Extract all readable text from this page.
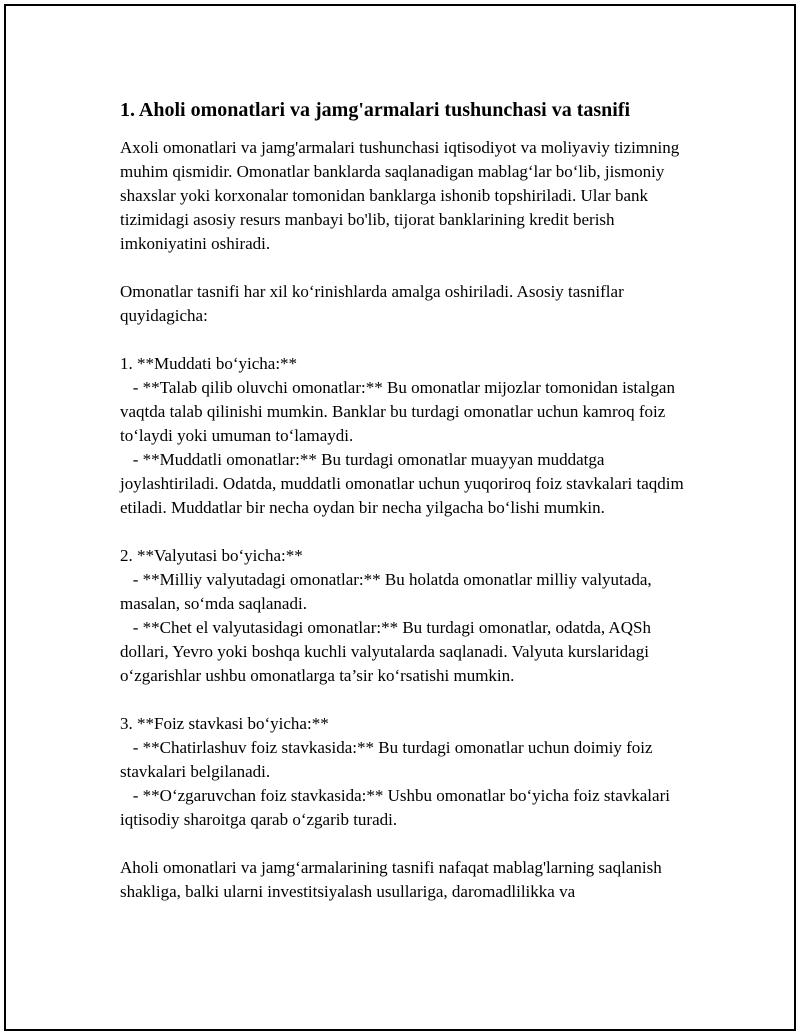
1. Aholi omonatlari va jamg'armalari tushunchasi va tasnifi
Axoli omonatlari va jamg'armalari tushunchasi iqtisodiyot va moliyaviy tizimning muhim qismidir. Omonatlar banklarda saqlanadigan mablag‘lar bo‘lib, jismoniy shaxslar yoki korxonalar tomonidan banklarga ishonib topshiriladi. Ular bank tizimidagi asosiy resurs manbayi bo'lib, tijorat banklarining kredit berish imkoniyatini oshiradi.
Omonatlar tasnifi har xil ko‘rinishlarda amalga oshiriladi. Asosiy tasniflar quyidagicha:
1. **Muddati bo‘yicha:**
- **Talab qilib oluvchi omonatlar:** Bu omonatlar mijozlar tomonidan istalgan vaqtda talab qilinishi mumkin. Banklar bu turdagi omonatlar uchun kamroq foiz to‘laydi yoki umuman to‘lamaydi.
- **Muddatli omonatlar:** Bu turdagi omonatlar muayyan muddatga joylashtiriladi. Odatda, muddatli omonatlar uchun yuqoriroq foiz stavkalari taqdim etiladi. Muddatlar bir necha oydan bir necha yilgacha bo‘lishi mumkin.
2. **Valyutasi bo‘yicha:**
- **Milliy valyutadagi omonatlar:** Bu holatda omonatlar milliy valyutada, masalan, so‘mda saqlanadi.
- **Chet el valyutasidagi omonatlar:** Bu turdagi omonatlar, odatda, AQSh dollari, Yevro yoki boshqa kuchli valyutalarda saqlanadi. Valyuta kurslaridagi o‘zgarishlar ushbu omonatlarga ta’sir ko‘rsatishi mumkin.
3. **Foiz stavkasi bo‘yicha:**
- **Chatirlashuv foiz stavkasida:** Bu turdagi omonatlar uchun doimiy foiz stavkalari belgilanadi.
- **O‘zgaruvchan foiz stavkasida:** Ushbu omonatlar bo‘yicha foiz stavkalari iqtisodiy sharoitga qarab o‘zgarib turadi.
Aholi omonatlari va jamg‘armalarining tasnifi nafaqat mablag'larning saqlanish shakliga, balki ularni investitsiyalash usullariga, daromadlilikka va
